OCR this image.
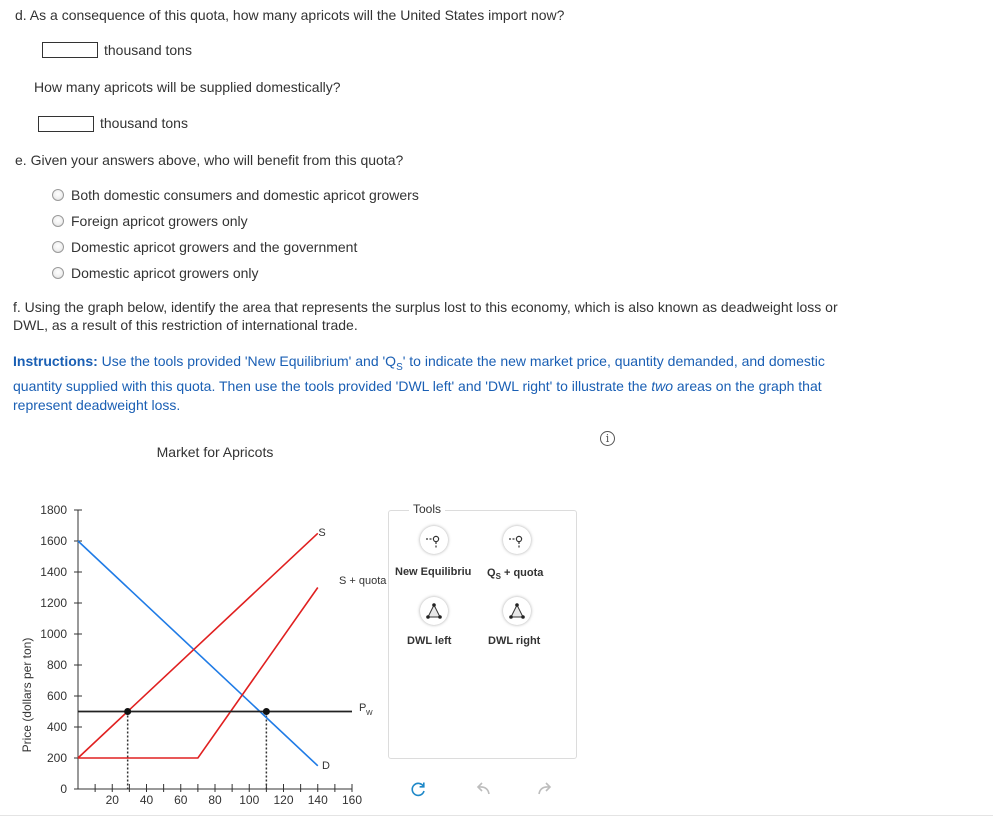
d. As a consequence of this quota, how many apricots will the United States import now?
thousand tons
How many apricots will be supplied domestically?
thousand tons
e. Given your answers above, who will benefit from this quota?
Both domestic consumers and domestic apricot growers
Foreign apricot growers only
Domestic apricot growers and the government
Domestic apricot growers only
f. Using the graph below, identify the area that represents the surplus lost to this economy, which is also known as deadweight loss or
DWL, as a result of this restriction of international trade.
Instructions: Use the tools provided 'New Equilibrium' and '$Q_S$' to indicate the new market price, quantity demanded, and domestic
quantity supplied with this quota. Then use the tools provided 'DWL left' and 'DWL right' to illustrate the two areas on the graph that
represent deadweight loss.
i
Market for Apricots
Price (dollars per ton)
0
200
400
600
800
1000
1200
1400
1600
1800
20 40 60 80 100 120 140 160
S
S + quota
P W
D
Tools
New Equilibriu $Q_S$ + quota
DWL left	DWL right
